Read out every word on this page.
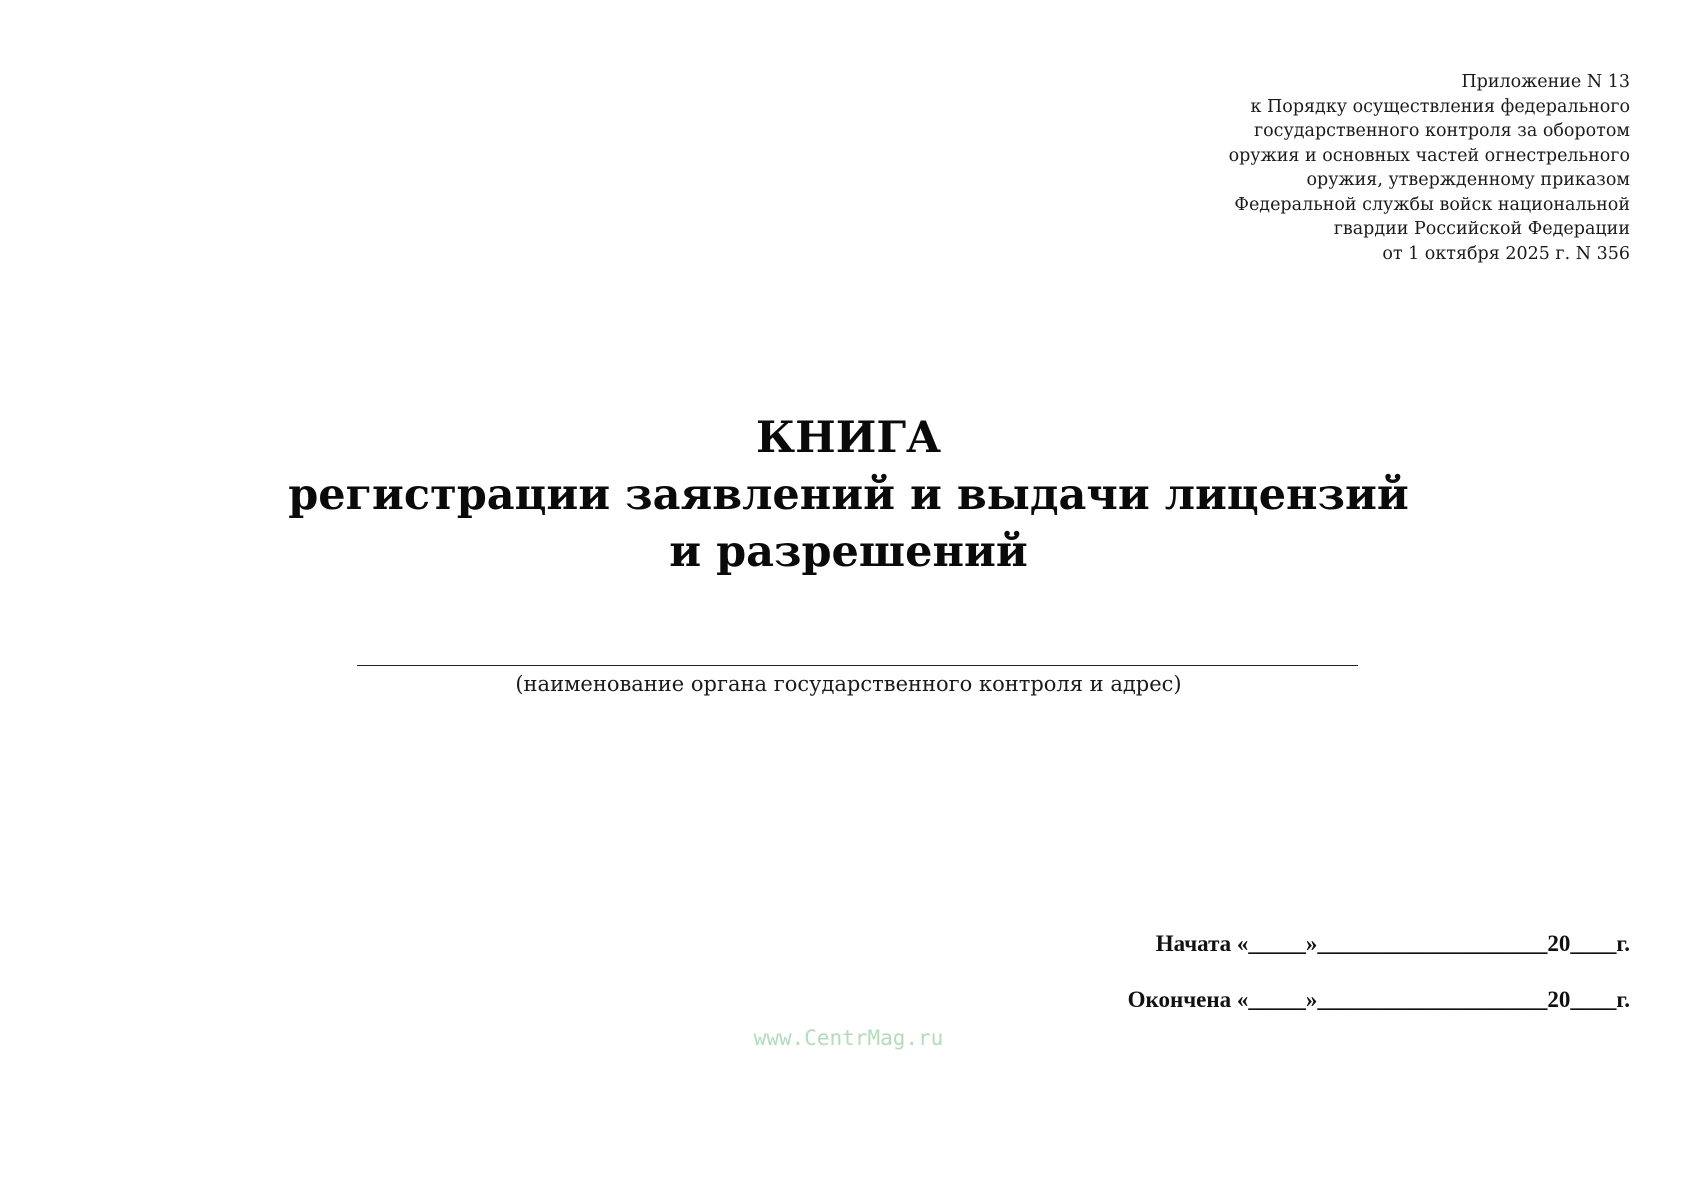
Приложение N 13
к Порядку осуществления федерального
государственного контроля за оборотом
оружия и основных частей огнестрельного
оружия, утвержденному приказом
Федеральной службы войск национальной
гвардии Российской Федерации
от 1 октября 2025 г. N 356
КНИГА
регистрации заявлений и выдачи лицензий
и разрешений
(наименование органа государственного контроля и адрес)
Начата «_____»____________________20____г.
Окончена «_____»____________________20____г.
www.CentrMag.ru
